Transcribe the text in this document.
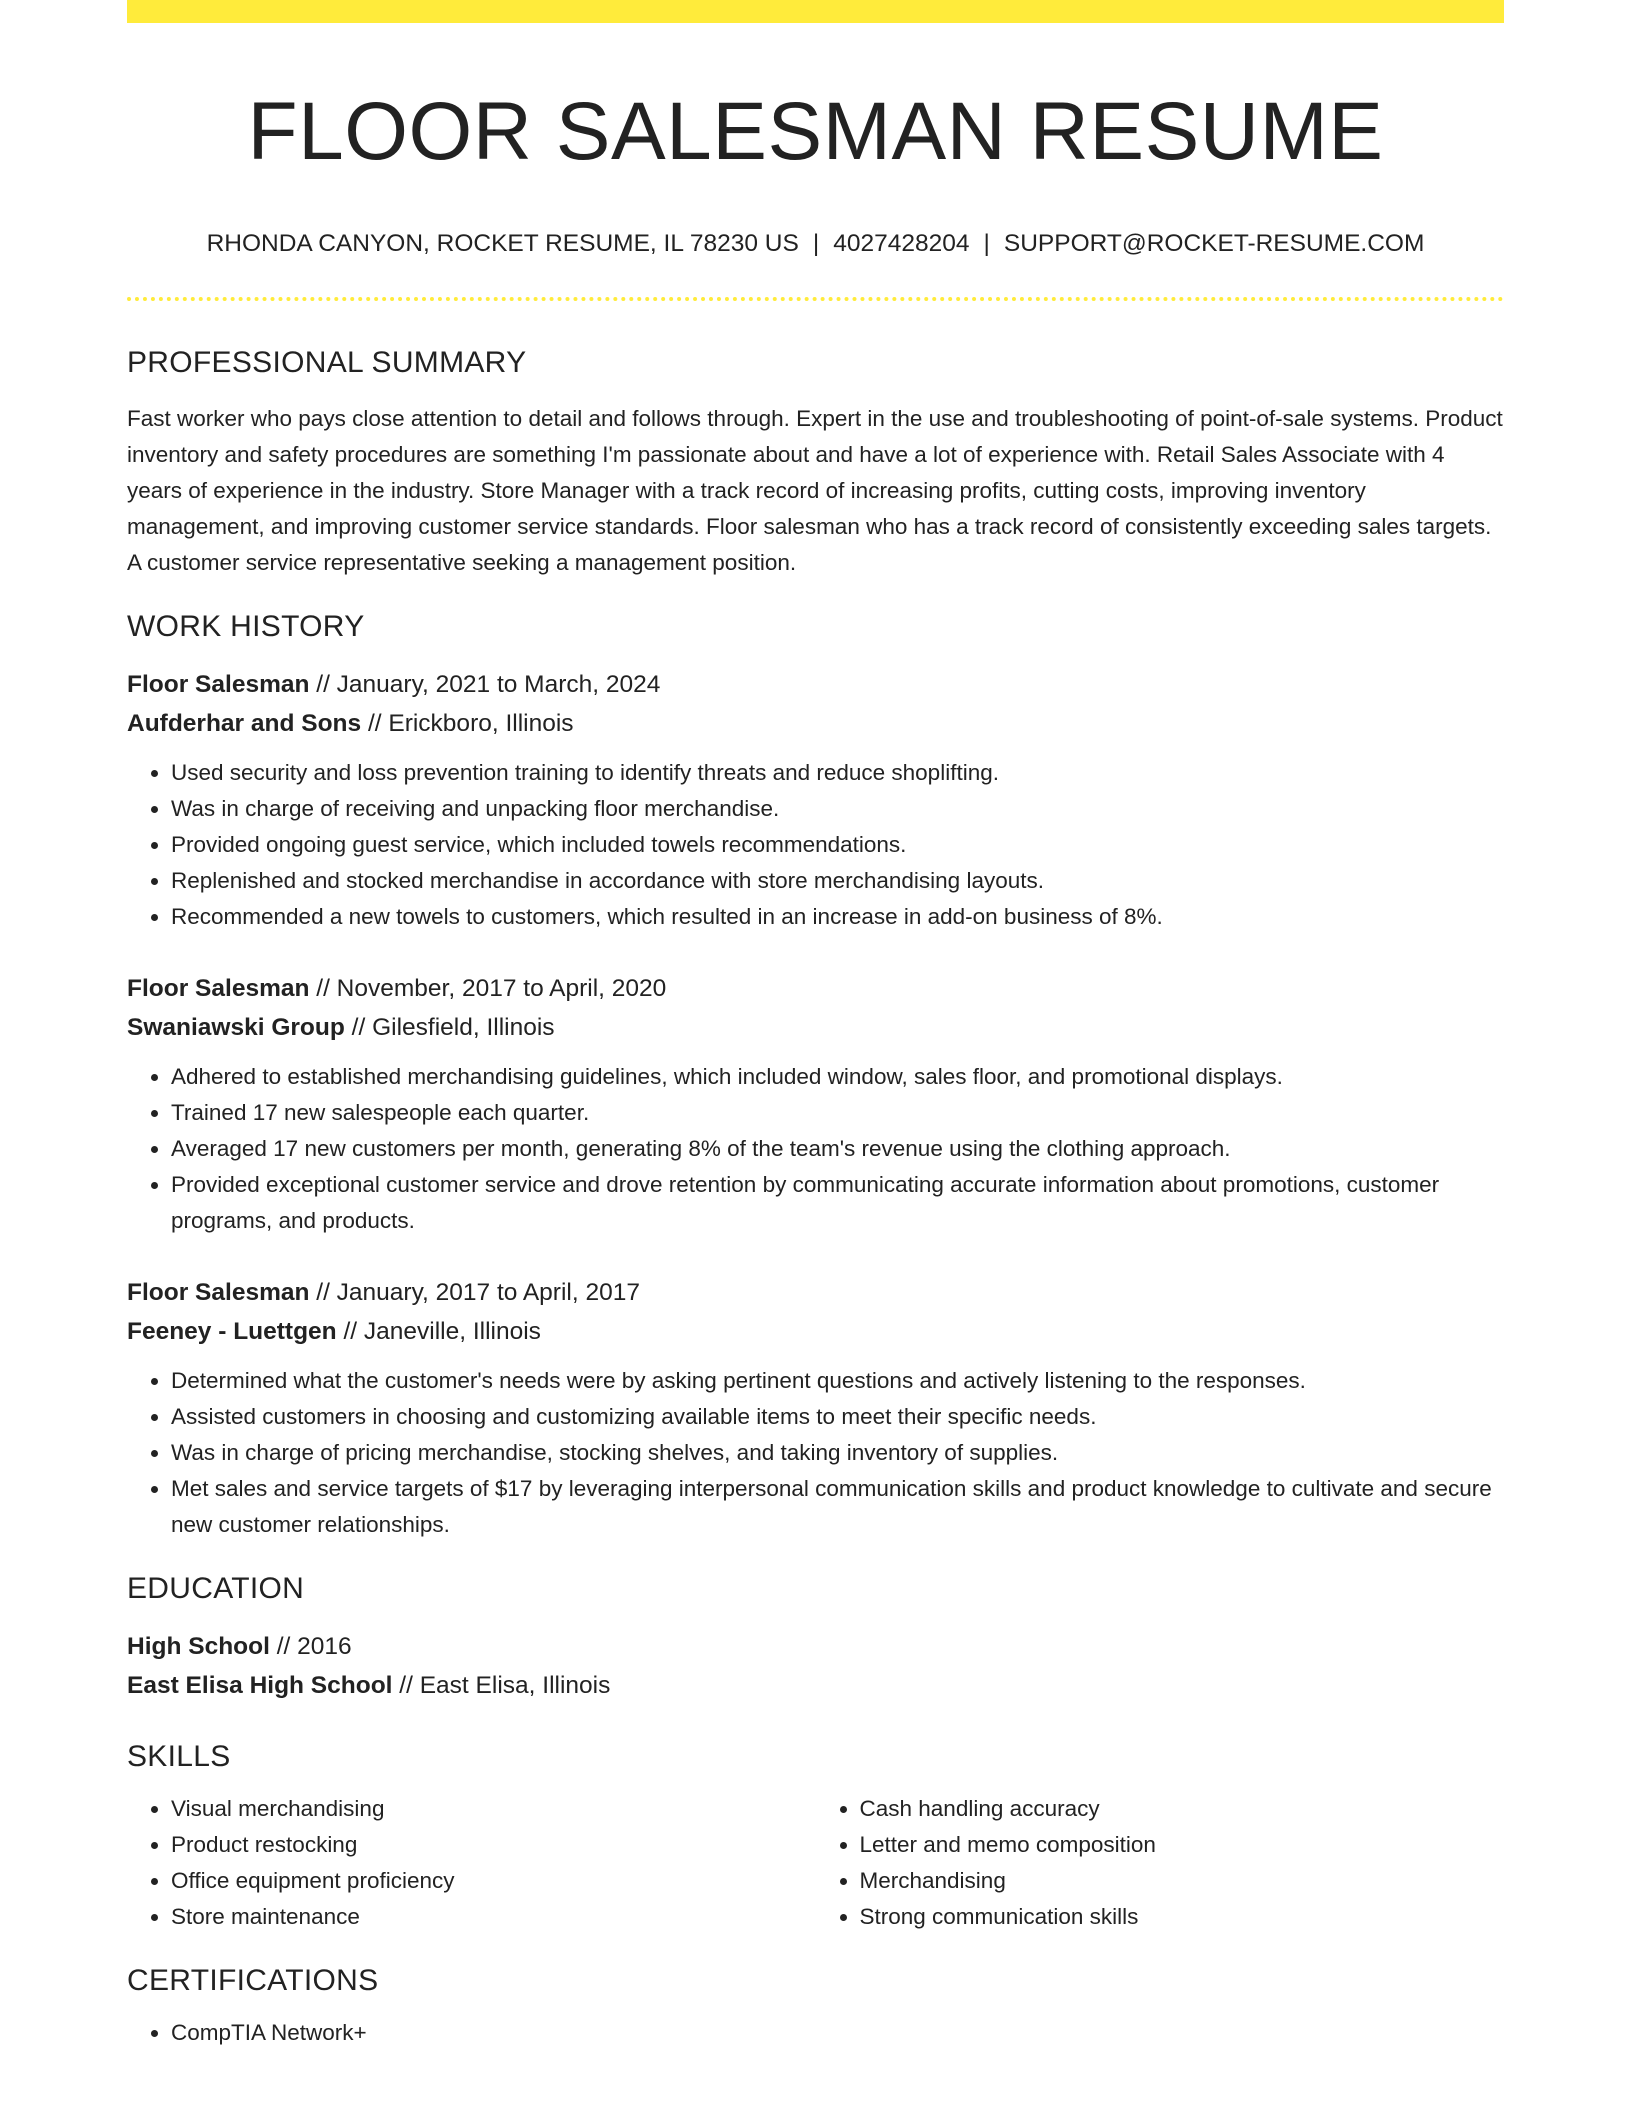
FLOOR SALESMAN RESUME
RHONDA CANYON, ROCKET RESUME, IL 78230 US | 4027428204 | SUPPORT@ROCKET-RESUME.COM
PROFESSIONAL SUMMARY
Fast worker who pays close attention to detail and follows through. Expert in the use and troubleshooting of point-of-sale systems. Product inventory and safety procedures are something I'm passionate about and have a lot of experience with. Retail Sales Associate with 4 years of experience in the industry. Store Manager with a track record of increasing profits, cutting costs, improving inventory management, and improving customer service standards. Floor salesman who has a track record of consistently exceeding sales targets. A customer service representative seeking a management position.
WORK HISTORY
Floor Salesman // January, 2021 to March, 2024
Aufderhar and Sons // Erickboro, Illinois
• Used security and loss prevention training to identify threats and reduce shoplifting.
• Was in charge of receiving and unpacking floor merchandise.
• Provided ongoing guest service, which included towels recommendations.
• Replenished and stocked merchandise in accordance with store merchandising layouts.
• Recommended a new towels to customers, which resulted in an increase in add-on business of 8%.
Floor Salesman // November, 2017 to April, 2020
Swaniawski Group // Gilesfield, Illinois
• Adhered to established merchandising guidelines, which included window, sales floor, and promotional displays.
• Trained 17 new salespeople each quarter.
• Averaged 17 new customers per month, generating 8% of the team's revenue using the clothing approach.
• Provided exceptional customer service and drove retention by communicating accurate information about promotions, customer programs, and products.
Floor Salesman // January, 2017 to April, 2017
Feeney - Luettgen // Janeville, Illinois
• Determined what the customer's needs were by asking pertinent questions and actively listening to the responses.
• Assisted customers in choosing and customizing available items to meet their specific needs.
• Was in charge of pricing merchandise, stocking shelves, and taking inventory of supplies.
• Met sales and service targets of $17 by leveraging interpersonal communication skills and product knowledge to cultivate and secure new customer relationships.
EDUCATION
High School // 2016
East Elisa High School // East Elisa, Illinois
SKILLS
• Visual merchandising
• Product restocking
• Office equipment proficiency
• Store maintenance
• Cash handling accuracy
• Letter and memo composition
• Merchandising
• Strong communication skills
CERTIFICATIONS
• CompTIA Network+
